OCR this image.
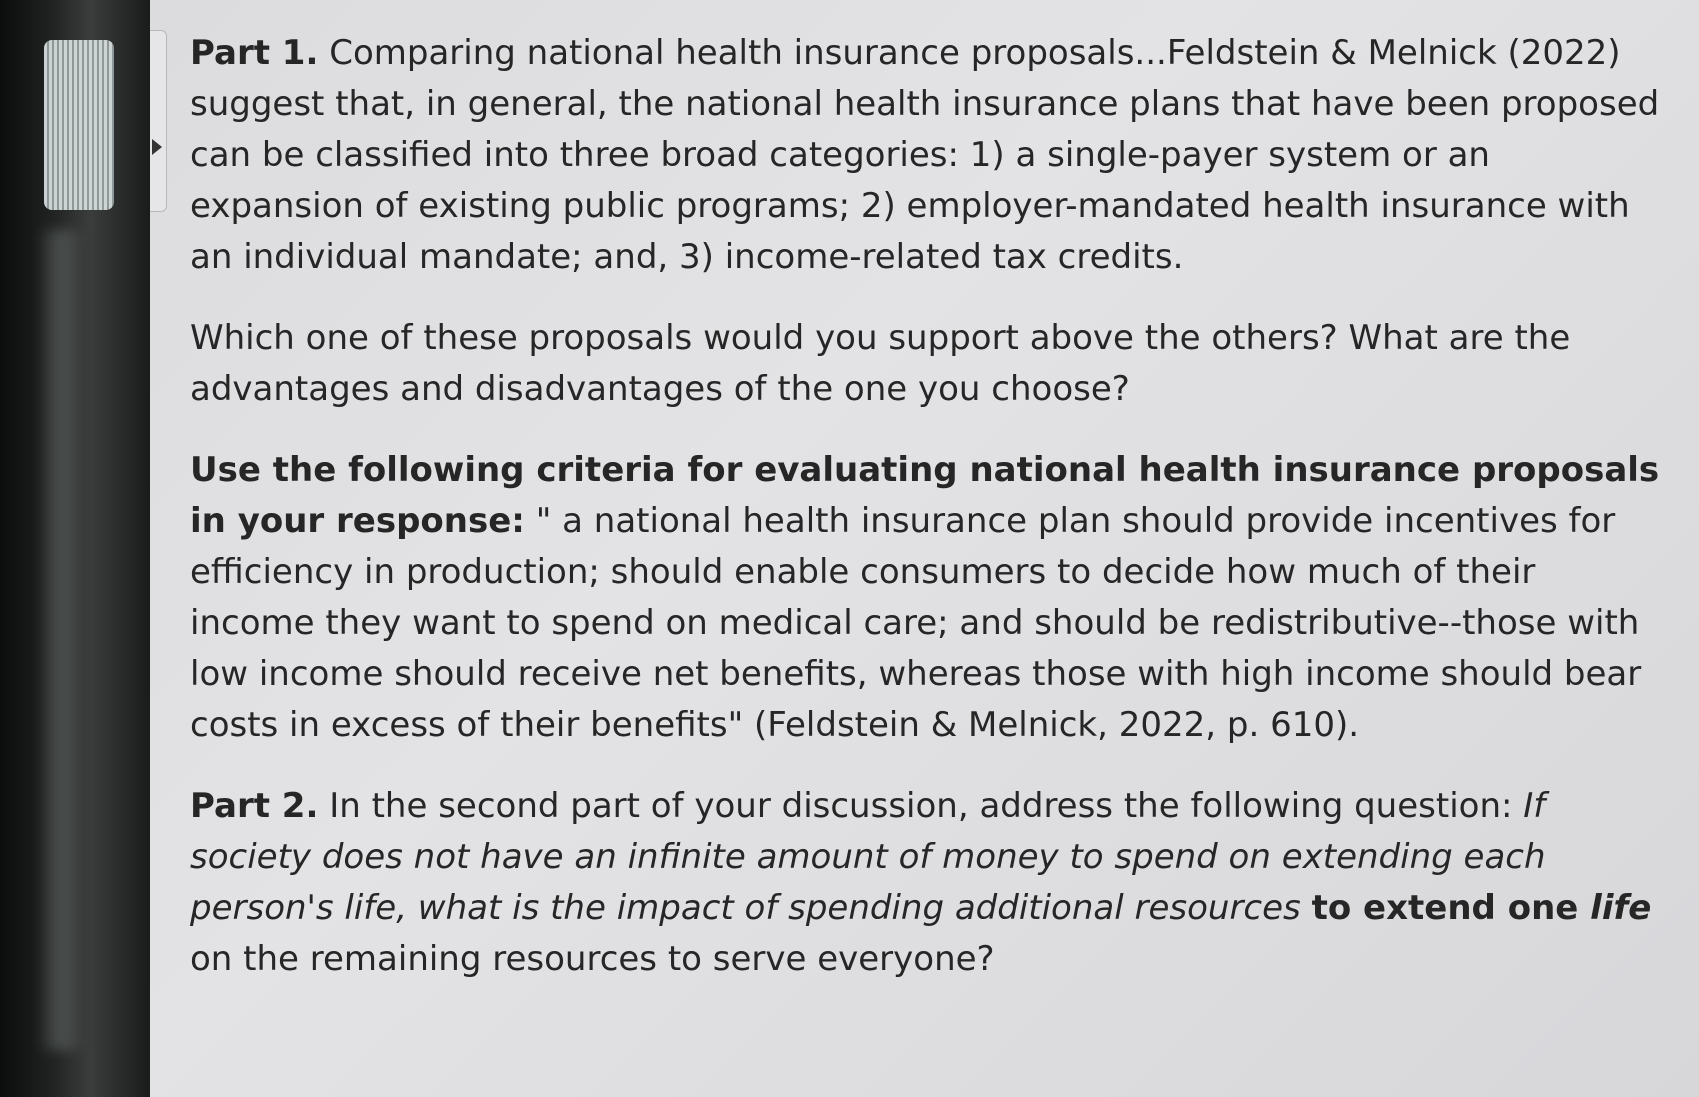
Part 1. Comparing national health insurance proposals...Feldstein & Melnick (2022) suggest that, in general, the national health insurance plans that have been proposed can be classified into three broad categories: 1) a single-payer system or an expansion of existing public programs; 2) employer-mandated health insurance with an individual mandate; and, 3) income-related tax credits.

Which one of these proposals would you support above the others? What are the advantages and disadvantages of the one you choose?

Use the following criteria for evaluating national health insurance proposals in your response: " a national health insurance plan should provide incentives for efficiency in production; should enable consumers to decide how much of their income they want to spend on medical care; and should be redistributive--those with low income should receive net benefits, whereas those with high income should bear costs in excess of their benefits" (Feldstein & Melnick, 2022, p. 610).

Part 2. In the second part of your discussion, address the following question: If society does not have an infinite amount of money to spend on extending each person's life, what is the impact of spending additional resources to extend one life on the remaining resources to serve everyone?
